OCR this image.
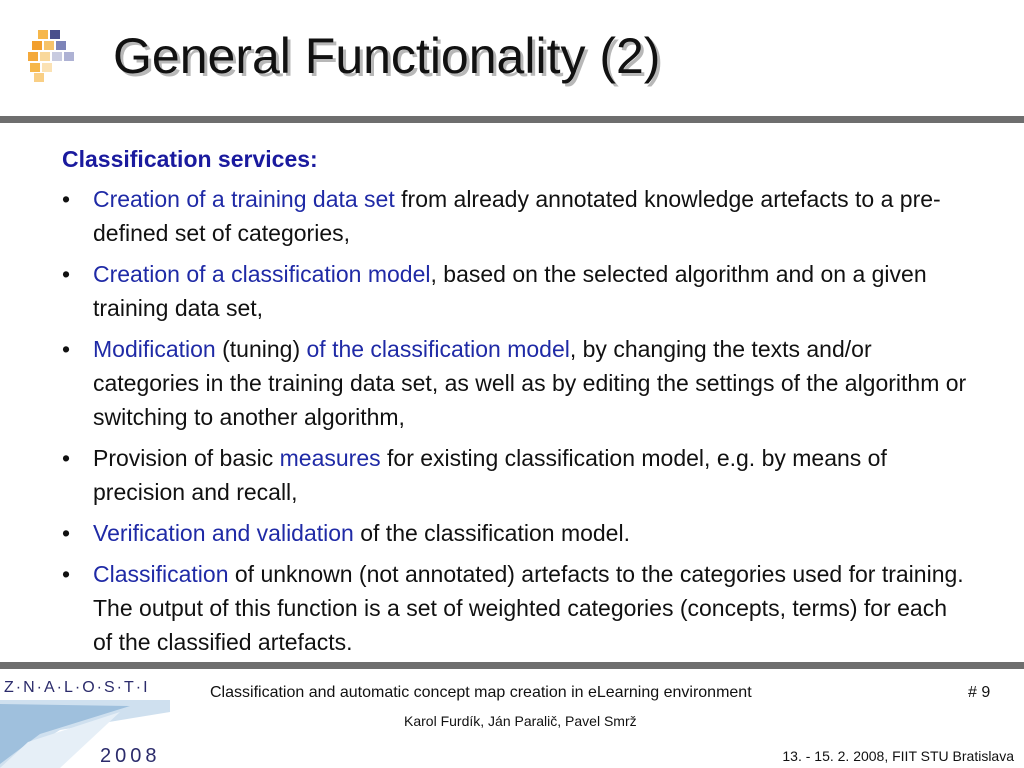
General Functionality (2)
Classification services:
• Creation of a training data set from already annotated knowledge artefacts to a pre-defined set of categories,
• Creation of a classification model, based on the selected algorithm and on a given training data set,
• Modification (tuning) of the classification model, by changing the texts and/or categories in the training data set, as well as by editing the settings of the algorithm or switching to another algorithm,
• Provision of basic measures for existing classification model, e.g. by means of precision and recall,
• Verification and validation of the classification model.
• Classification of unknown (not annotated) artefacts to the categories used for training. The output of this function is a set of weighted categories (concepts, terms) for each of the classified artefacts.
Z·N·A·L·O·S·T·I
2008
Classification and automatic concept map creation in eLearning environment
Karol Furdík, Ján Paralič, Pavel Smrž
# 9
13. - 15. 2. 2008, FIIT STU Bratislava
